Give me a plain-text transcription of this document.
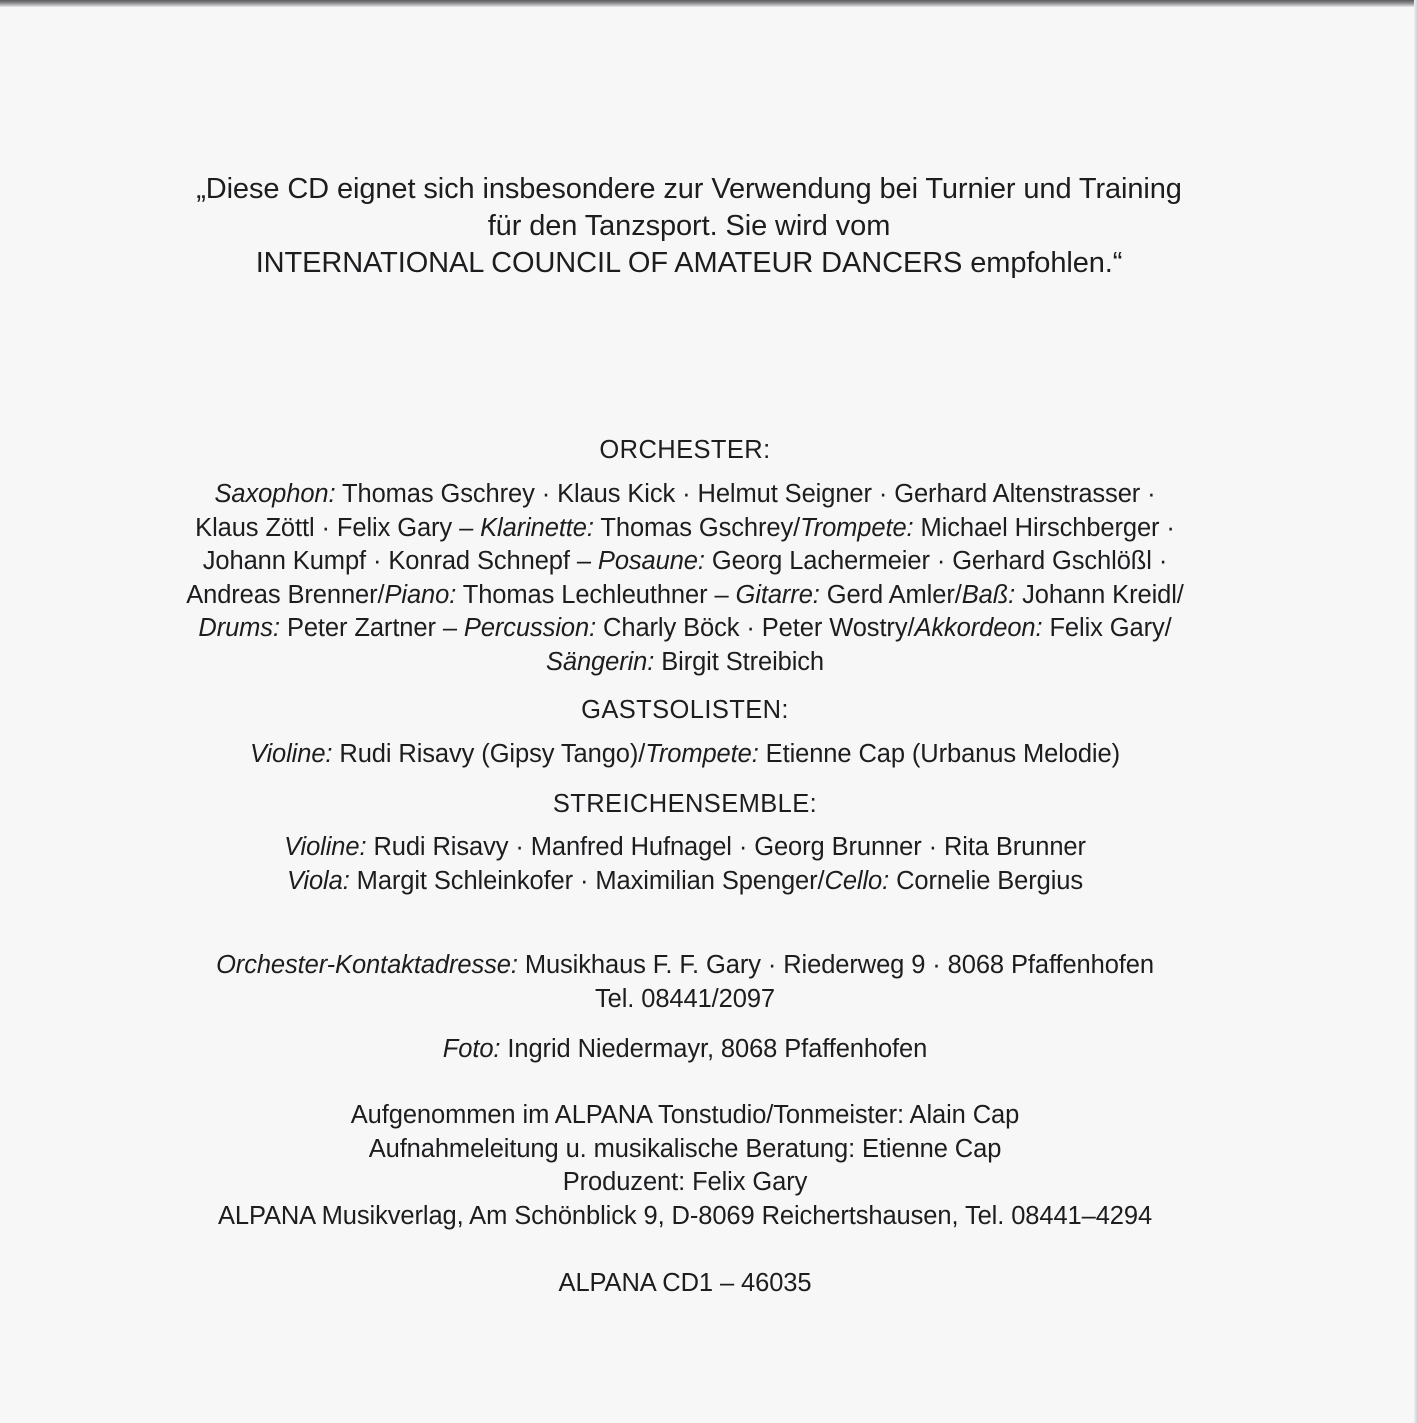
„Diese CD eignet sich insbesondere zur Verwendung bei Turnier und Training
für den Tanzsport. Sie wird vom
INTERNATIONAL COUNCIL OF AMATEUR DANCERS empfohlen.“
ORCHESTER:
Saxophon: Thomas Gschrey · Klaus Kick · Helmut Seigner · Gerhard Altenstrasser ·
Klaus Zöttl · Felix Gary – Klarinette: Thomas Gschrey/Trompete: Michael Hirschberger ·
Johann Kumpf · Konrad Schnepf – Posaune: Georg Lachermeier · Gerhard Gschlößl ·
Andreas Brenner/Piano: Thomas Lechleuthner – Gitarre: Gerd Amler/Baß: Johann Kreidl/
Drums: Peter Zartner – Percussion: Charly Böck · Peter Wostry/Akkordeon: Felix Gary/
Sängerin: Birgit Streibich
GASTSOLISTEN:
Violine: Rudi Risavy (Gipsy Tango)/Trompete: Etienne Cap (Urbanus Melodie)
STREICHENSEMBLE:
Violine: Rudi Risavy · Manfred Hufnagel · Georg Brunner · Rita Brunner
Viola: Margit Schleinkofer · Maximilian Spenger/Cello: Cornelie Bergius
Orchester-Kontaktadresse: Musikhaus F. F. Gary · Riederweg 9 · 8068 Pfaffenhofen
Tel. 08441/2097
Foto: Ingrid Niedermayr, 8068 Pfaffenhofen
Aufgenommen im ALPANA Tonstudio/Tonmeister: Alain Cap
Aufnahmeleitung u. musikalische Beratung: Etienne Cap
Produzent: Felix Gary
ALPANA Musikverlag, Am Schönblick 9, D-8069 Reichertshausen, Tel. 08441–4294
ALPANA CD1 – 46035
